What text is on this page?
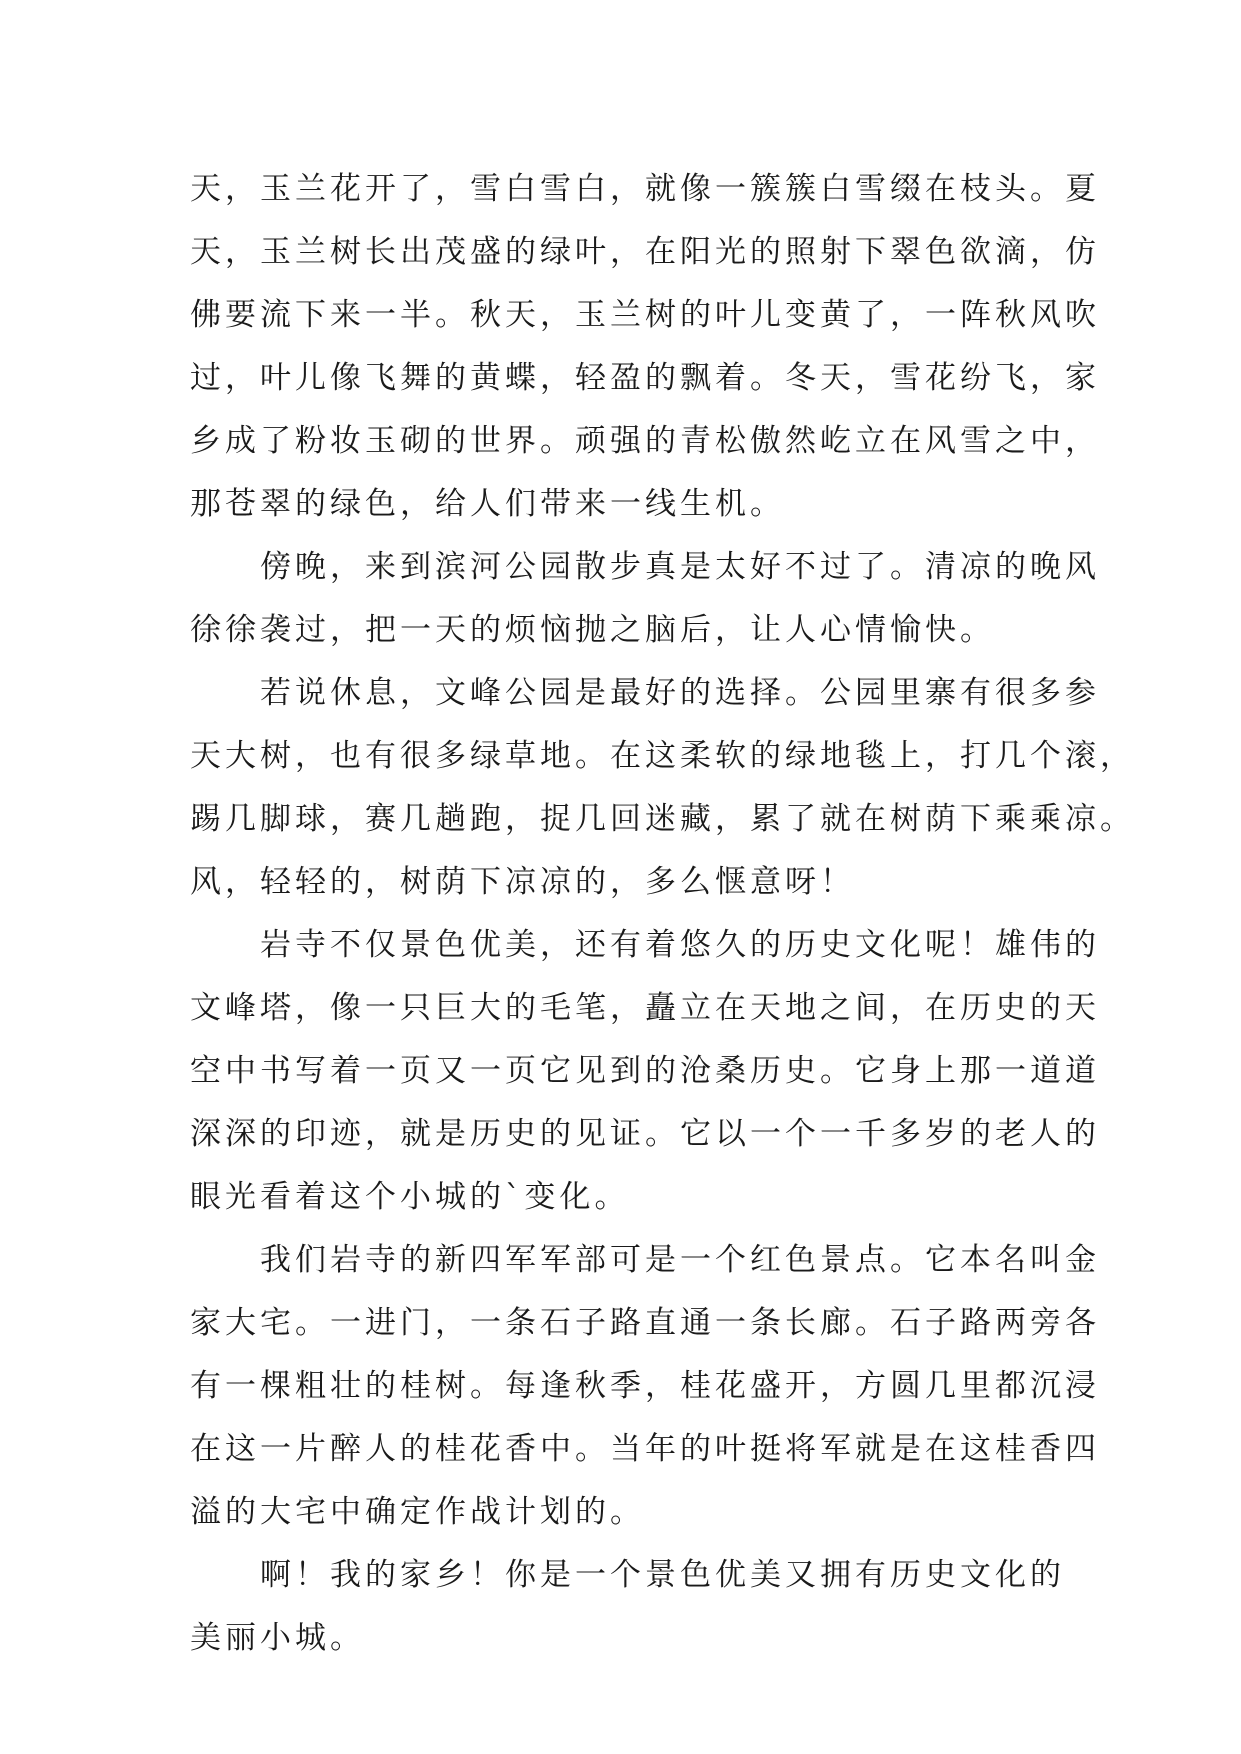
天，玉兰花开了，雪白雪白，就像一簇簇白雪缀在枝头。夏
天，玉兰树长出茂盛的绿叶，在阳光的照射下翠色欲滴，仿
佛要流下来一半。秋天，玉兰树的叶儿变黄了，一阵秋风吹
过，叶儿像飞舞的黄蝶，轻盈的飘着。冬天，雪花纷飞，家
乡成了粉妆玉砌的世界。顽强的青松傲然屹立在风雪之中，
那苍翠的绿色，给人们带来一线生机。
傍晚，来到滨河公园散步真是太好不过了。清凉的晚风
徐徐袭过，把一天的烦恼抛之脑后，让人心情愉快。
若说休息，文峰公园是最好的选择。公园里寨有很多参
天大树，也有很多绿草地。在这柔软的绿地毯上，打几个滚，
踢几脚球，赛几趟跑，捉几回迷藏，累了就在树荫下乘乘凉。
风，轻轻的，树荫下凉凉的，多么惬意呀！
岩寺不仅景色优美，还有着悠久的历史文化呢！雄伟的
文峰塔，像一只巨大的毛笔，矗立在天地之间，在历史的天
空中书写着一页又一页它见到的沧桑历史。它身上那一道道
深深的印迹，就是历史的见证。它以一个一千多岁的老人的
眼光看着这个小城的`变化。
我们岩寺的新四军军部可是一个红色景点。它本名叫金
家大宅。一进门，一条石子路直通一条长廊。石子路两旁各
有一棵粗壮的桂树。每逢秋季，桂花盛开，方圆几里都沉浸
在这一片醉人的桂花香中。当年的叶挺将军就是在这桂香四
溢的大宅中确定作战计划的。
啊！我的家乡！你是一个景色优美又拥有历史文化的
美丽小城。
